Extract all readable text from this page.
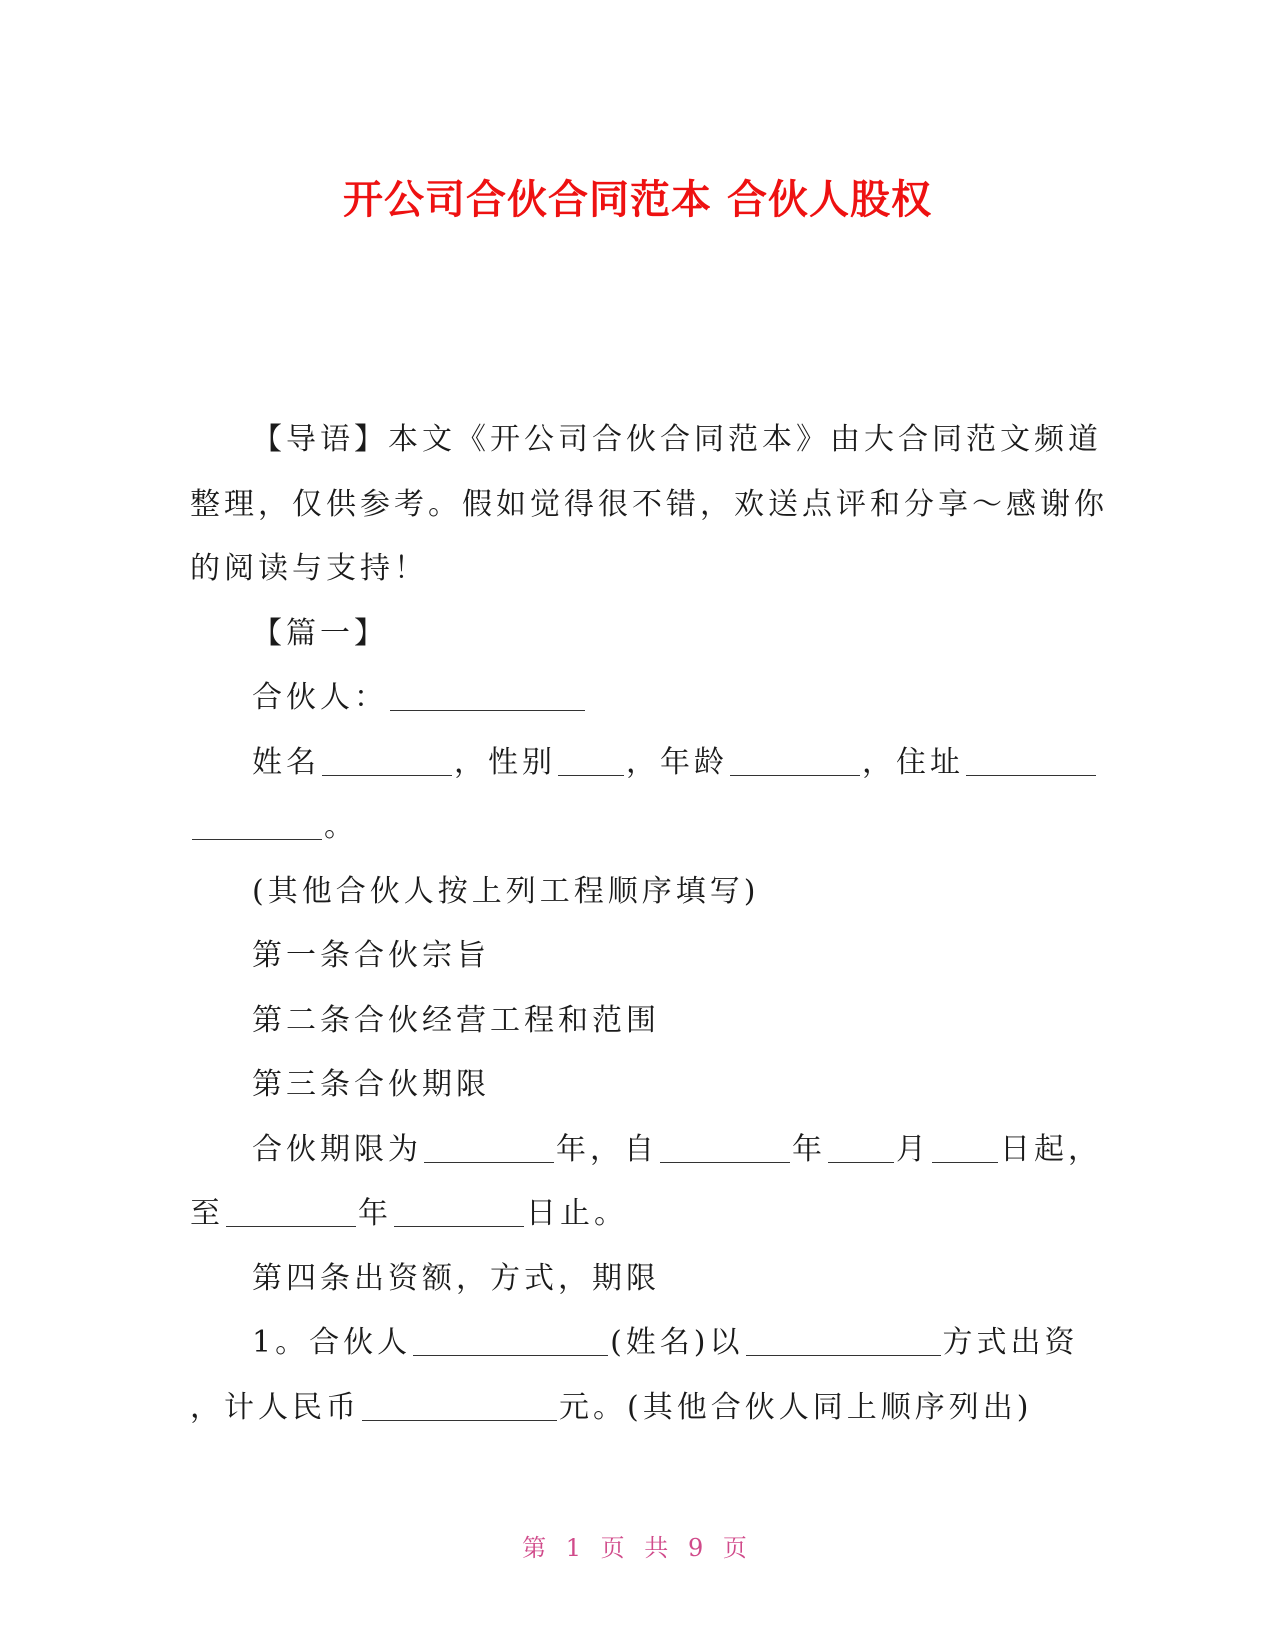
开公司合伙合同范本 合伙人股权
【导语】本文《开公司合伙合同范本》由大合同范文频道
整理，仅供参考。假如觉得很不错，欢送点评和分享～感谢你
的阅读与支持！
【篇一】
合伙人：
姓名	，性别 ，年龄	，住址
。
(其他合伙人按上列工程顺序填写)
第一条合伙宗旨
第二条合伙经营工程和范围
第三条合伙期限
合伙期限为	年，自	年 月 日起，
至	年	日止。
第四条出资额，方式，期限
1。合伙人	(姓名)以	方式出资
，计人民币	元。(其他合伙人同上顺序列出)
第 1 页 共 9 页
